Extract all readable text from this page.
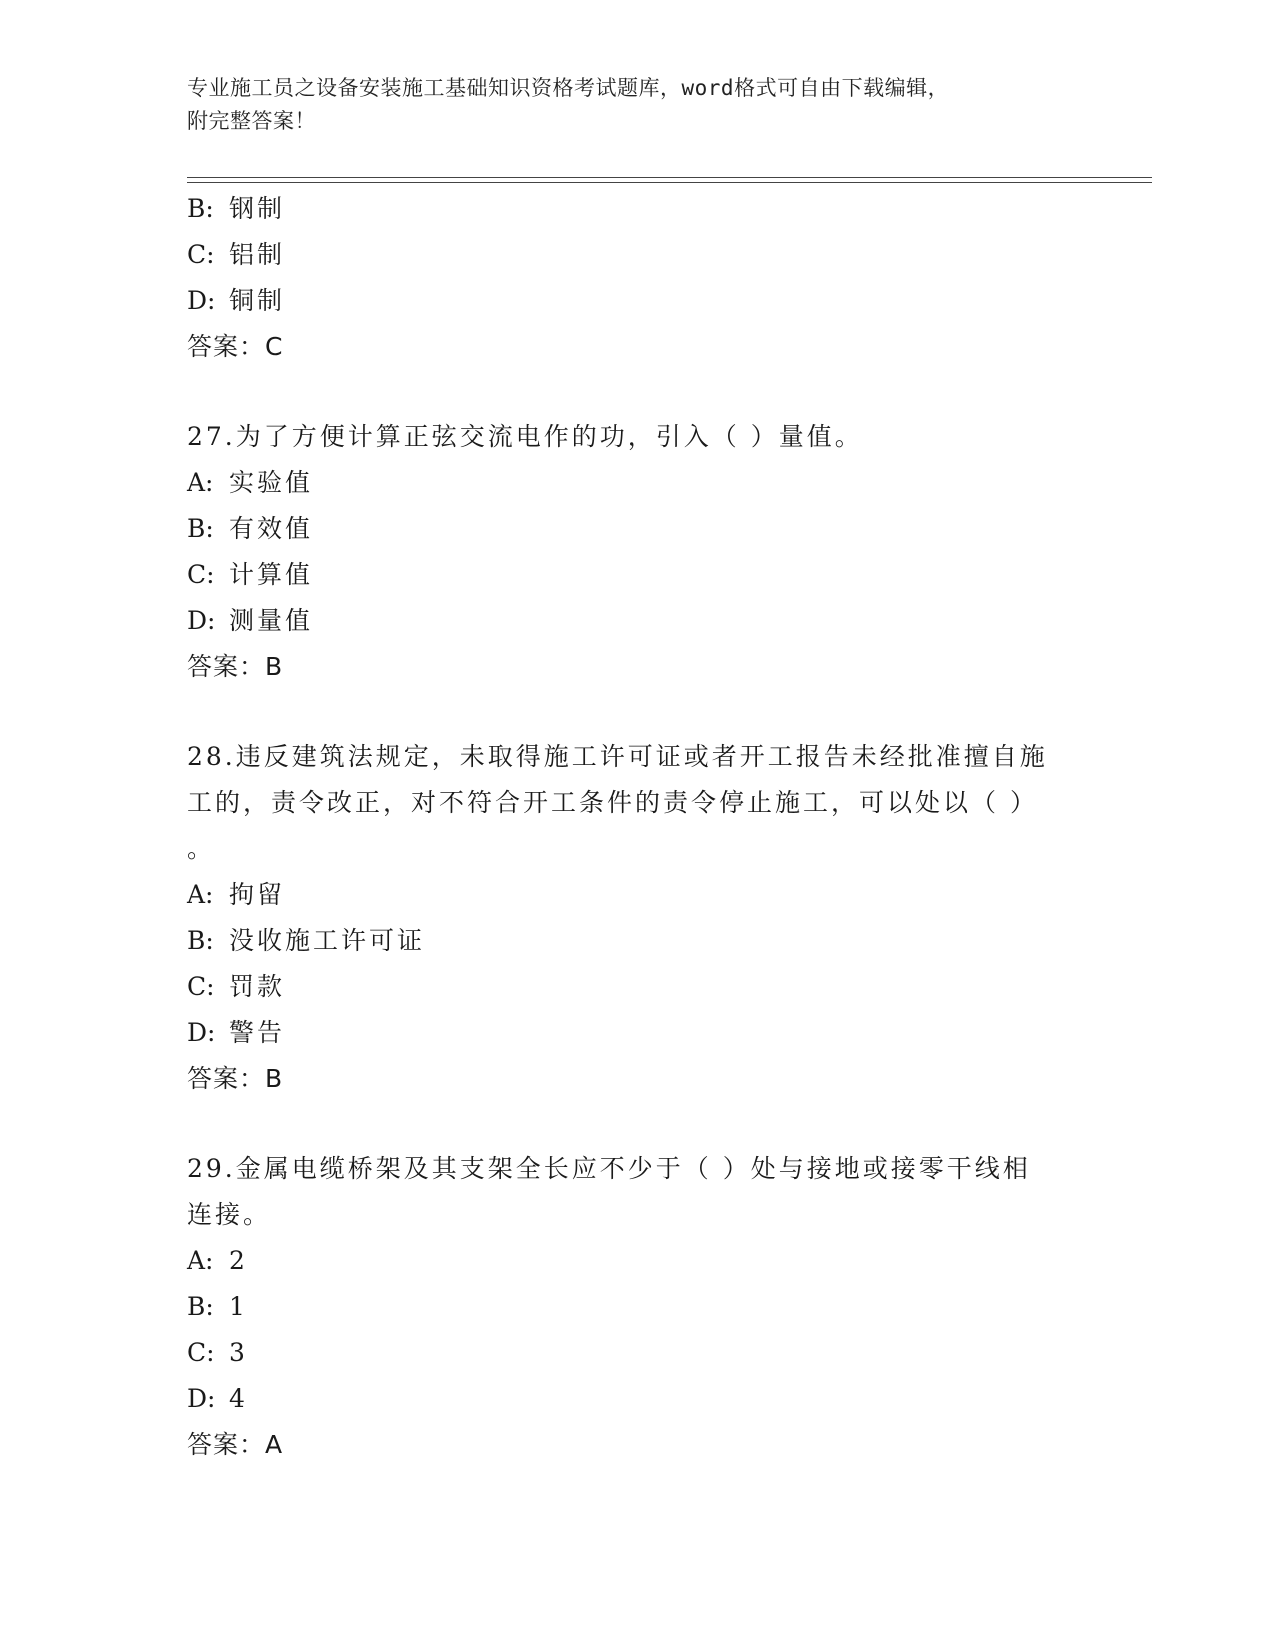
专业施工员之设备安装施工基础知识资格考试题库，word格式可自由下载编辑，
附完整答案！

B: 钢制

C: 铝制

D: 铜制

答案：C

27.为了方便计算正弦交流电作的功，引入（ ）量值。

A: 实验值

B: 有效值

C: 计算值

D: 测量值

答案：B

28.违反建筑法规定，未取得施工许可证或者开工报告未经批准擅自施

工的，责令改正，对不符合开工条件的责令停止施工，可以处以（ ）

。

A: 拘留

B: 没收施工许可证

C: 罚款

D: 警告

答案：B

29.金属电缆桥架及其支架全长应不少于（ ）处与接地或接零干线相

连接。

A: 2

B: 1

C: 3

D: 4

答案：A
